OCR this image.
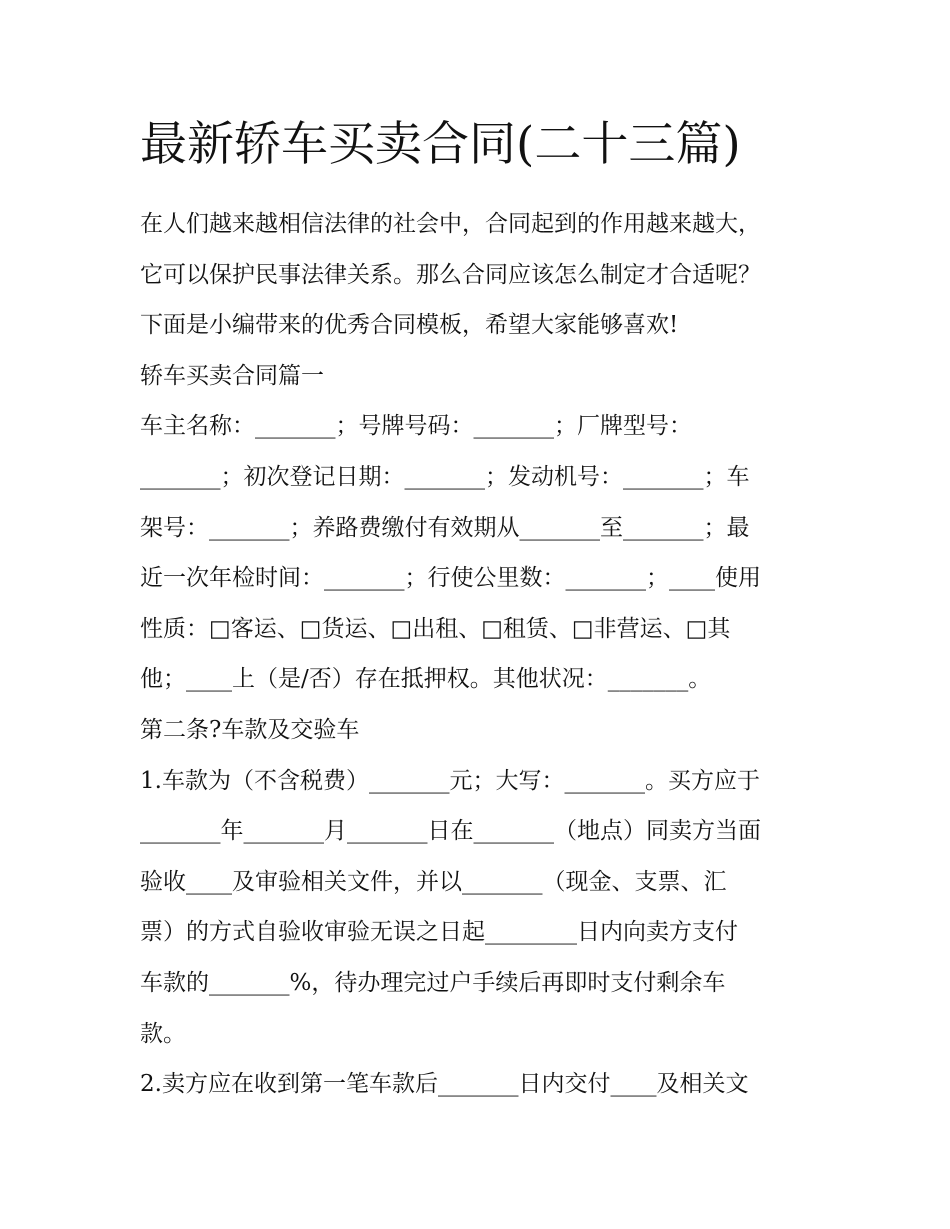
最新轿车买卖合同(二十三篇)
在人们越来越相信法律的社会中，合同起到的作用越来越大，
它可以保护民事法律关系。那么合同应该怎么制定才合适呢？
下面是小编带来的优秀合同模板，希望大家能够喜欢!
轿车买卖合同篇一
车主名称：_______；号牌号码：_______；厂牌型号：
_______；初次登记日期：_______；发动机号：_______；车
架号：_______；养路费缴付有效期从_______至_______；最
近一次年检时间：_______；行使公里数：_______；____使用
性质：□客运、□货运、□出租、□租赁、□非营运、□其
他；____上（是/否）存在抵押权。其他状况：_______。
第二条?车款及交验车
1.车款为（不含税费）_______元；大写：_______。买方应于
_______年_______月_______日在_______（地点）同卖方当面
验收____及审验相关文件，并以_______（现金、支票、汇
票）的方式自验收审验无误之日起________日内向卖方支付
车款的_______%，待办理完过户手续后再即时支付剩余车
款。
2.卖方应在收到第一笔车款后_______日内交付____及相关文
